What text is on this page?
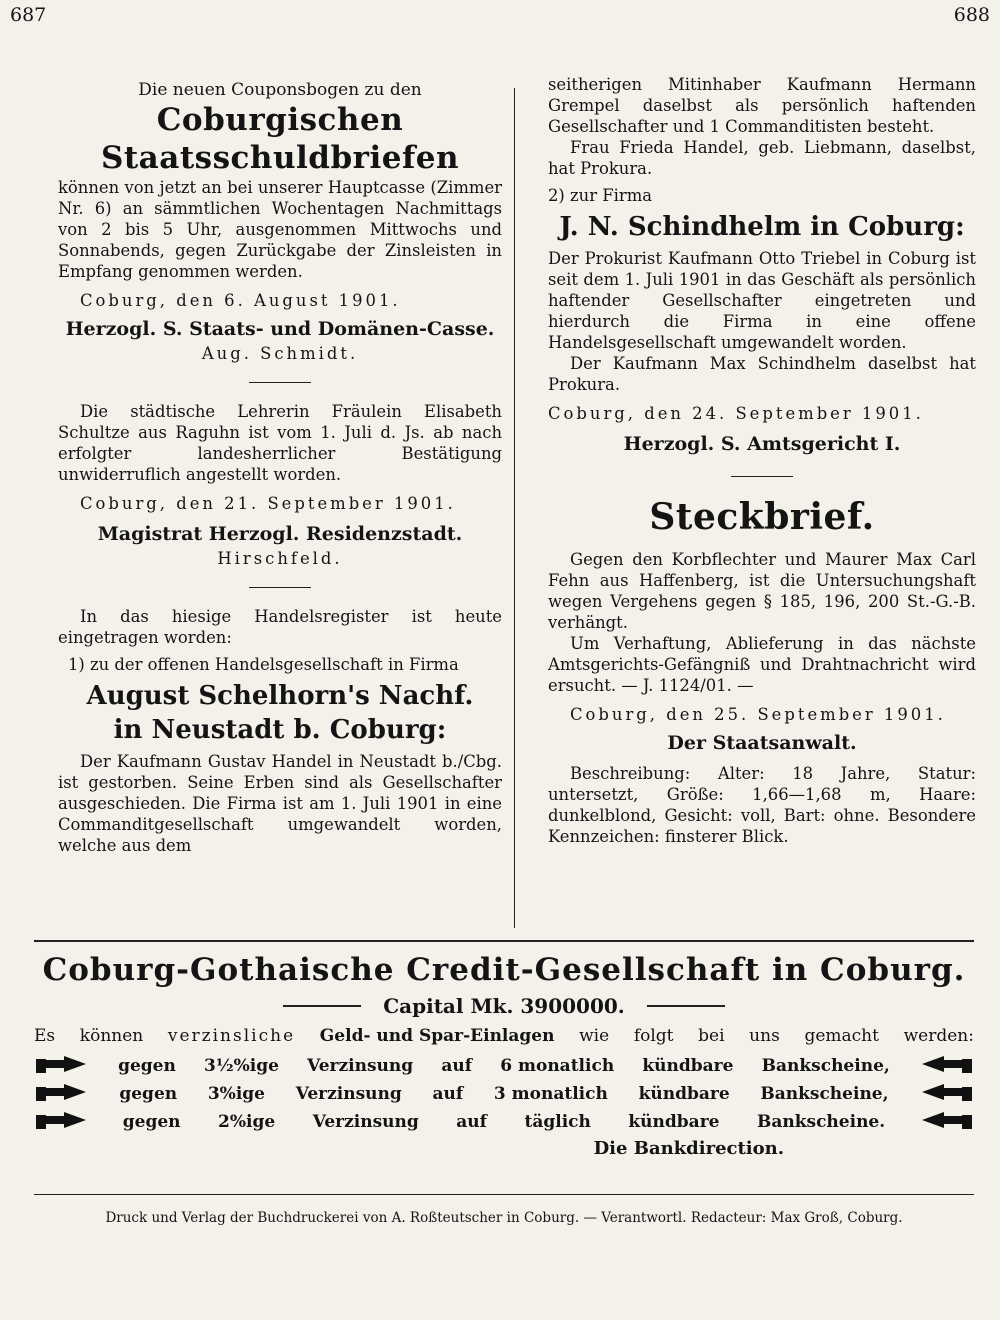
687	688

Die neuen Couponsbogen zu den

Coburgischen Staatsschuldbriefen

können von jetzt an bei unserer Hauptcasse (Zimmer Nr. 6) an sämmtlichen Wochentagen Nachmittags von 2 bis 5 Uhr, ausgenommen Mittwochs und Sonnabends, gegen Zurückgabe der Zinsleisten in Empfang genommen werden.

Coburg, den 6. August 1901.

Herzogl. S. Staats- und Domänen-Casse.

Aug. Schmidt.

Die städtische Lehrerin Fräulein Elisabeth Schultze aus Raguhn ist vom 1. Juli d. Js. ab nach erfolgter landesherrlicher Bestätigung unwiderruflich angestellt worden.

Coburg, den 21. September 1901.

Magistrat Herzogl. Residenzstadt.

Hirschfeld.

In das hiesige Handelsregister ist heute eingetragen worden:

1) zu der offenen Handelsgesellschaft in Firma

August Schelhorn's Nachf.
in Neustadt b. Coburg:

Der Kaufmann Gustav Handel in Neustadt b./Cbg. ist gestorben. Seine Erben sind als Gesellschafter ausgeschieden. Die Firma ist am 1. Juli 1901 in eine Commanditgesellschaft umgewandelt worden, welche aus dem

seitherigen Mitinhaber Kaufmann Hermann Grempel daselbst als persönlich haftenden Gesellschafter und 1 Commanditisten besteht.

Frau Frieda Handel, geb. Liebmann, daselbst, hat Prokura.

2) zur Firma

J. N. Schindhelm in Coburg:

Der Prokurist Kaufmann Otto Triebel in Coburg ist seit dem 1. Juli 1901 in das Geschäft als persönlich haftender Gesellschafter eingetreten und hierdurch die Firma in eine offene Handelsgesellschaft umgewandelt worden.

Der Kaufmann Max Schindhelm daselbst hat Prokura.

Coburg, den 24. September 1901.

Herzogl. S. Amtsgericht I.
Steckbrief.

Gegen den Korbflechter und Maurer Max Carl Fehn aus Haffenberg, ist die Untersuchungshaft wegen Vergehens gegen § 185, 196, 200 St.-G.-B. verhängt.

Um Verhaftung, Ablieferung in das nächste Amtsgerichts-Gefängniß und Drahtnachricht wird ersucht. — J. 1124/01. —

Coburg, den 25. September 1901.

Der Staatsanwalt.

Beschreibung: Alter: 18 Jahre, Statur: untersetzt, Größe: 1,66—1,68 m, Haare: dunkelblond, Gesicht: voll, Bart: ohne. Besondere Kennzeichen: finsterer Blick.

Coburg-Gothaische Credit-Gesellschaft in Coburg.
Capital Mk. 3900000.
Es können verzinsliche Geld- und Spar-Einlagen wie folgt bei uns gemacht werden:
gegen 3½%ige Verzinsung auf 6 monatlich kündbare Bankscheine,
gegen 3%ige Verzinsung auf 3 monatlich kündbare Bankscheine,
gegen 2%ige Verzinsung auf täglich kündbare Bankscheine.
Die Bankdirection.
Druck und Verlag der Buchdruckerei von A. Roßteutscher in Coburg. — Verantwortl. Redacteur: Max Groß, Coburg.
